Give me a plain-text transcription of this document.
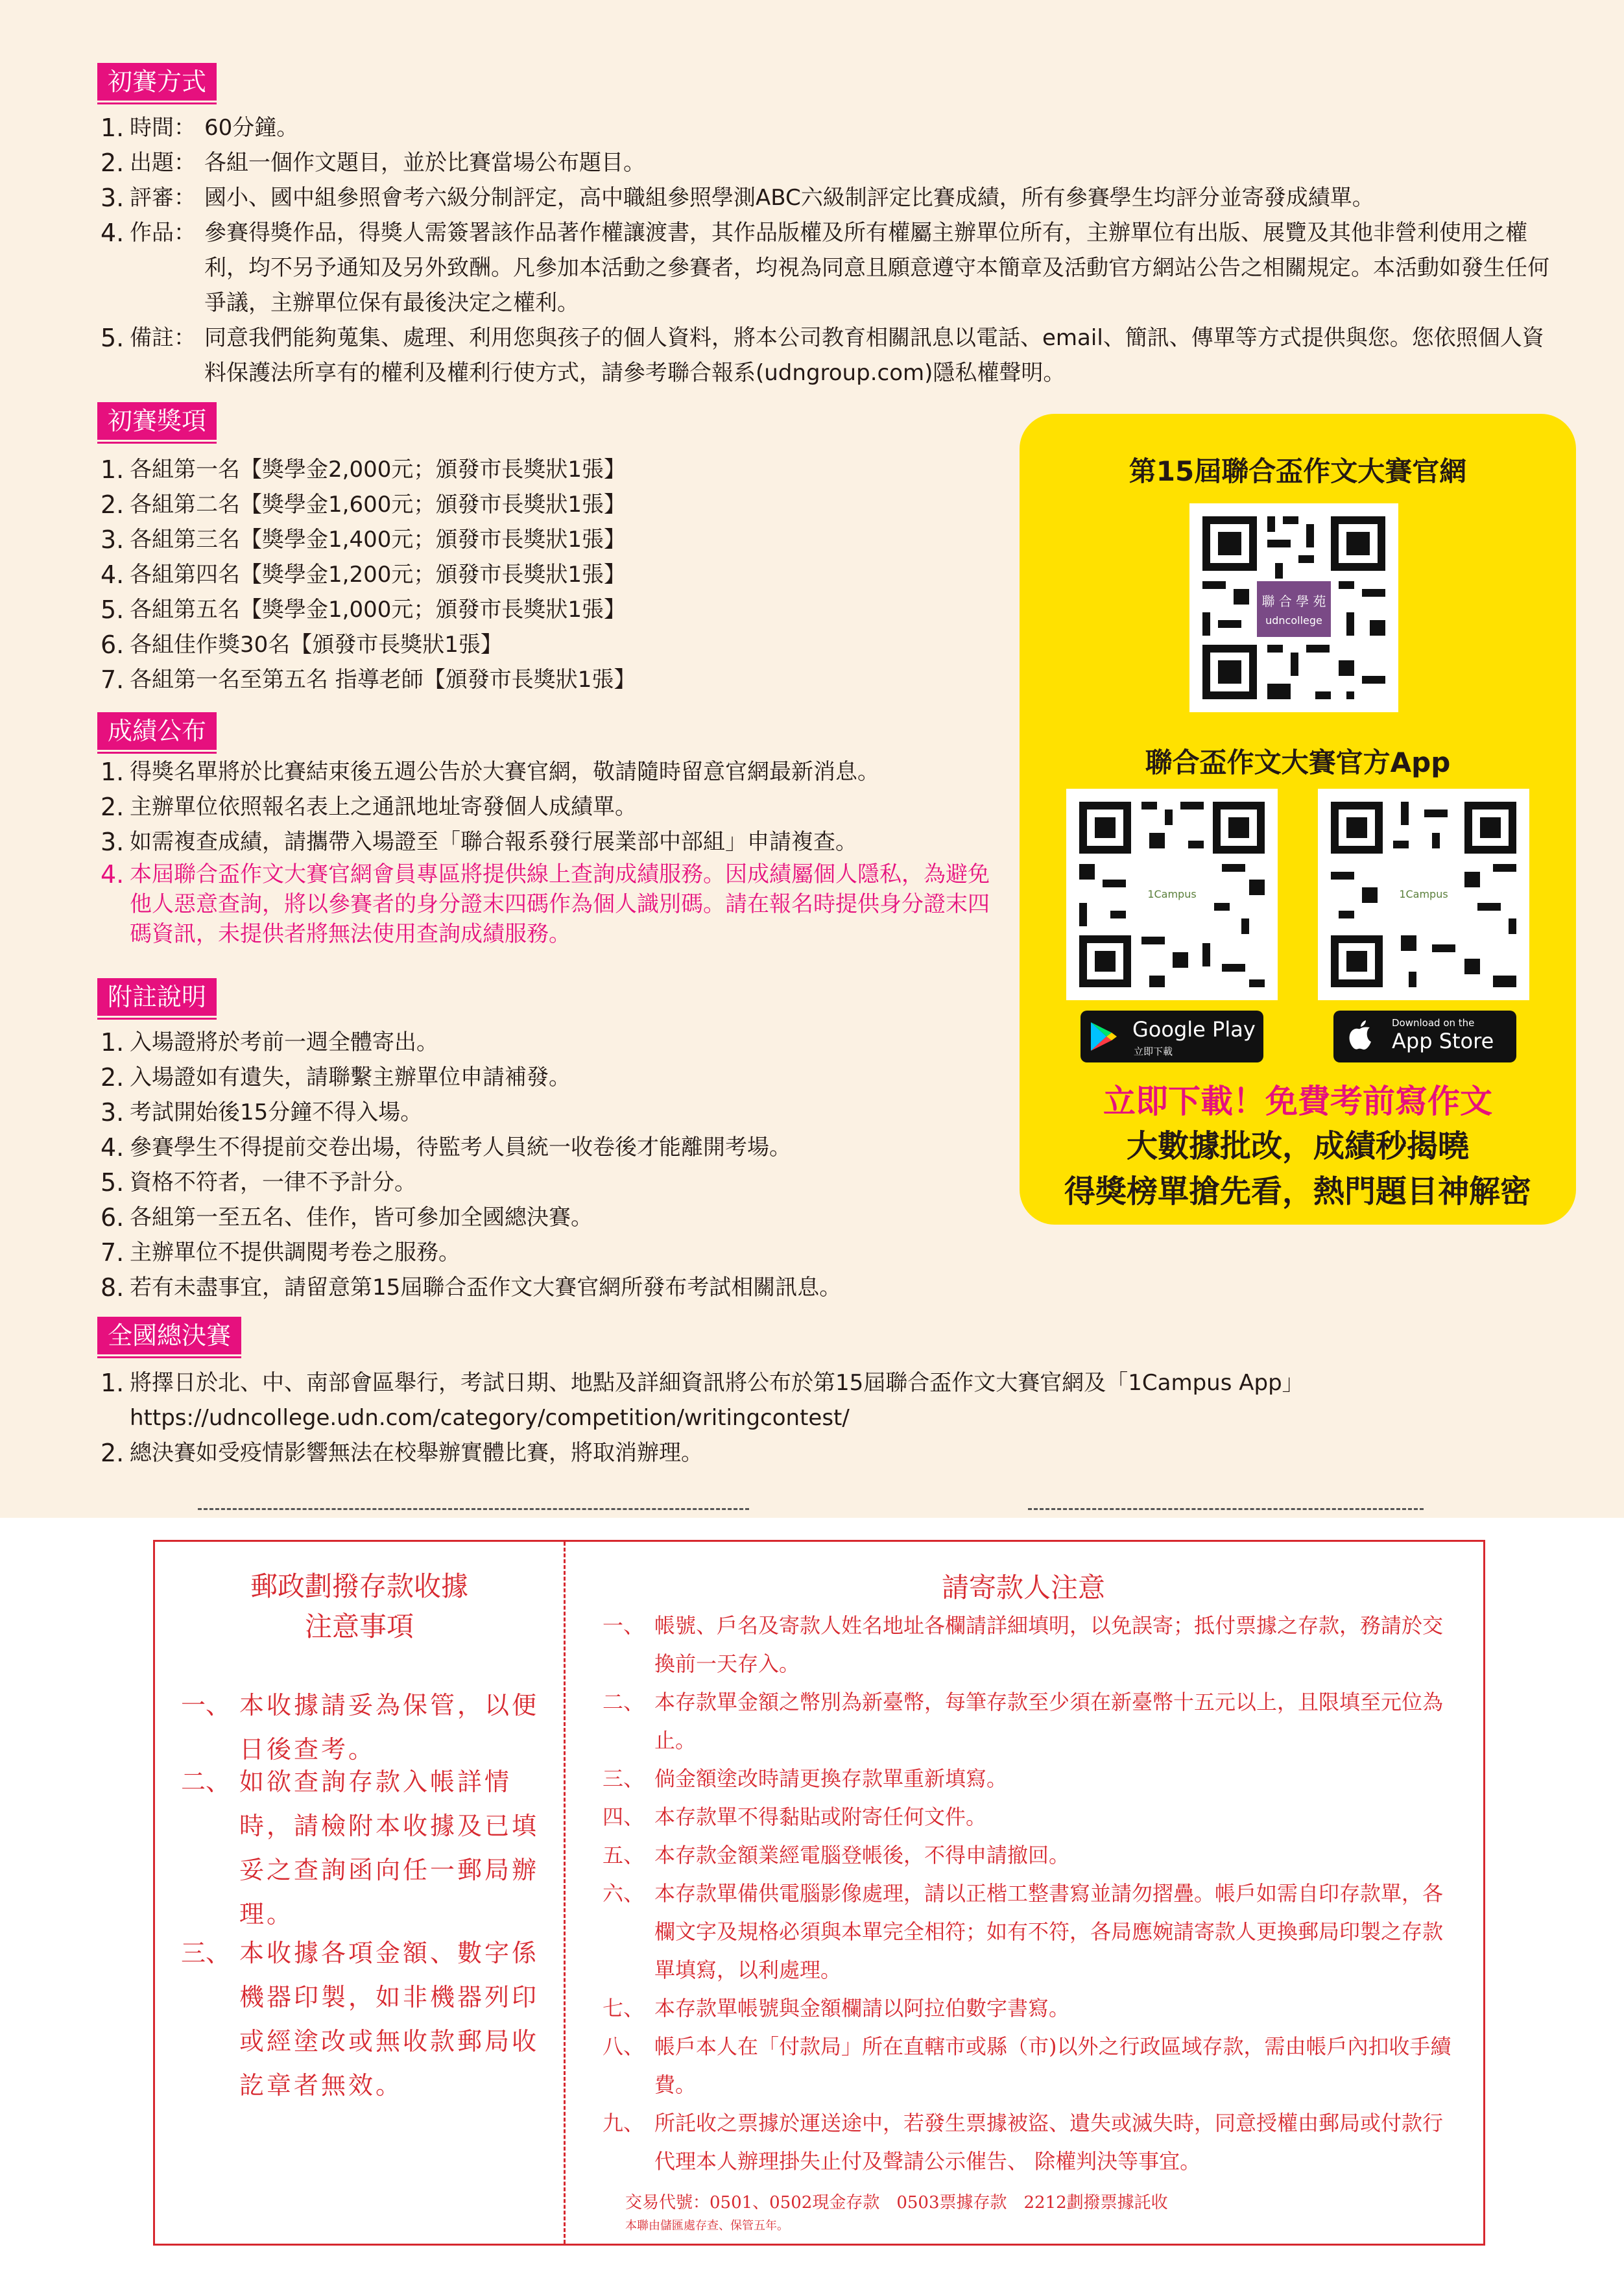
初賽方式
1. 時間： 60分鐘。
2. 出題： 各組一個作文題目，並於比賽當場公布題目。
3. 評審： 國小、國中組參照會考六級分制評定，高中職組參照學測ABC六級制評定比賽成績，所有參賽學生均評分並寄發成績單。
4. 作品： 參賽得獎作品，得獎人需簽署該作品著作權讓渡書，其作品版權及所有權屬主辦單位所有，主辦單位有出版、展覽及其他非營利使用之權利，均不另予通知及另外致酬。凡參加本活動之參賽者，均視為同意且願意遵守本簡章及活動官方網站公告之相關規定。本活動如發生任何爭議，主辦單位保有最後決定之權利。
5. 備註： 同意我們能夠蒐集、處理、利用您與孩子的個人資料，將本公司教育相關訊息以電話、email、簡訊、傳單等方式提供與您。您依照個人資料保護法所享有的權利及權利行使方式，請參考聯合報系(udngroup.com)隱私權聲明。
初賽獎項
1. 各組第一名【獎學金2,000元；頒發市長獎狀1張】
2. 各組第二名【獎學金1,600元；頒發市長獎狀1張】
3. 各組第三名【獎學金1,400元；頒發市長獎狀1張】
4. 各組第四名【獎學金1,200元；頒發市長獎狀1張】
5. 各組第五名【獎學金1,000元；頒發市長獎狀1張】
6. 各組佳作獎30名【頒發市長獎狀1張】
7. 各組第一名至第五名 指導老師【頒發市長獎狀1張】
成績公布
1. 得獎名單將於比賽結束後五週公告於大賽官網，敬請隨時留意官網最新消息。
2. 主辦單位依照報名表上之通訊地址寄發個人成績單。
3. 如需複查成績，請攜帶入場證至「聯合報系發行展業部中部組」申請複查。
4. 本屆聯合盃作文大賽官網會員專區將提供線上查詢成績服務。因成績屬個人隱私，為避免他人惡意查詢，將以參賽者的身分證末四碼作為個人識別碼。請在報名時提供身分證末四碼資訊，未提供者將無法使用查詢成績服務。
附註說明
1. 入場證將於考前一週全體寄出。
2. 入場證如有遺失，請聯繫主辦單位申請補發。
3. 考試開始後15分鐘不得入場。
4. 參賽學生不得提前交卷出場，待監考人員統一收卷後才能離開考場。
5. 資格不符者，一律不予計分。
6. 各組第一至五名、佳作，皆可參加全國總決賽。
7. 主辦單位不提供調閱考卷之服務。
8. 若有未盡事宜，請留意第15屆聯合盃作文大賽官網所發布考試相關訊息。
全國總決賽
1. 將擇日於北、中、南部會區舉行，考試日期、地點及詳細資訊將公布於第15屆聯合盃作文大賽官網及「1Campus App」https://udncollege.udn.com/category/competition/writingcontest/
2. 總決賽如受疫情影響無法在校舉辦實體比賽，將取消辦理。
第15屆聯合盃作文大賽官網
聯 合 學 苑
udncollege
聯合盃作文大賽官方App
1Campus	1Campus
Google Play
立即下載
Download on the
App Store
立即下載！免費考前寫作文
大數據批改，成績秒揭曉
得獎榜單搶先看，熱門題目神解密
郵政劃撥存款收據
注意事項
一、 本收據請妥為保管，以便日後查考。
二、 如欲查詢存款入帳詳情時，請檢附本收據及已填妥之查詢函向任一郵局辦理。
三、 本收據各項金額、數字係機器印製，如非機器列印或經塗改或無收款郵局收訖章者無效。
請寄款人注意
一、 帳號、戶名及寄款人姓名地址各欄請詳細填明，以免誤寄；抵付票據之存款，務請於交換前一天存入。
二、 本存款單金額之幣別為新臺幣，每筆存款至少須在新臺幣十五元以上，且限填至元位為止。
三、 倘金額塗改時請更換存款單重新填寫。
四、 本存款單不得黏貼或附寄任何文件。
五、 本存款金額業經電腦登帳後，不得申請撤回。
六、 本存款單備供電腦影像處理，請以正楷工整書寫並請勿摺疊。帳戶如需自印存款單，各欄文字及規格必須與本單完全相符；如有不符，各局應婉請寄款人更換郵局印製之存款單填寫，以利處理。
七、 本存款單帳號與金額欄請以阿拉伯數字書寫。
八、 帳戶本人在「付款局」所在直轄市或縣（市)以外之行政區域存款，需由帳戶內扣收手續費。
九、 所託收之票據於運送途中，若發生票據被盜、遺失或滅失時，同意授權由郵局或付款行代理本人辦理掛失止付及聲請公示催告、 除權判決等事宜。
交易代號：0501、0502現金存款　0503票據存款　2212劃撥票據託收
本聯由儲匯處存查、保管五年。
